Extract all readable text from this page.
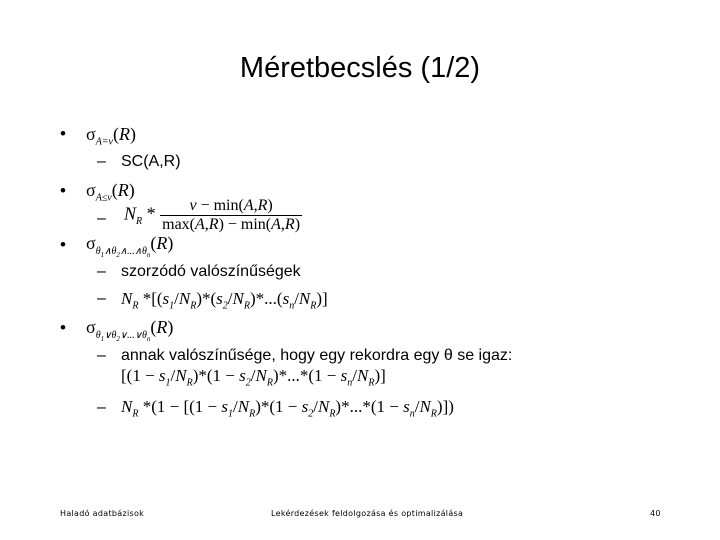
Méretbecslés (1/2)
• $\sigma_{A=v}(R)$
– SC(A,R)
• $\sigma_{A\le v}(R)$
– $N_R * \frac{v - \min(A,R)}{\max(A,R) - \min(A,R)}$
• $\sigma_{\theta_1\wedge\theta_2\wedge...\wedge\theta_n}(R)$
– szorzódó valószínűségek
– $N_R$ $*[(s_1/N_R)*(s_2/N_R)*...(s_n/N_R)]$
• $\sigma_{\theta_1\vee\theta_2\vee...\vee\theta_n}(R)$
– annak valószínűsége, hogy egy rekordra egy θ se igaz:
$[(1 - s_1/N_R)*(1 - s_2/N_R)*...*(1 - s_n/N_R)]$
– $N_R$ $*(1 - [(1 - s_1/N_R)*(1 - s_2/N_R)*...*(1 - s_n/N_R)])$
Haladó adatbázisok	Lekérdezések feldolgozása és optimalizálása	40
